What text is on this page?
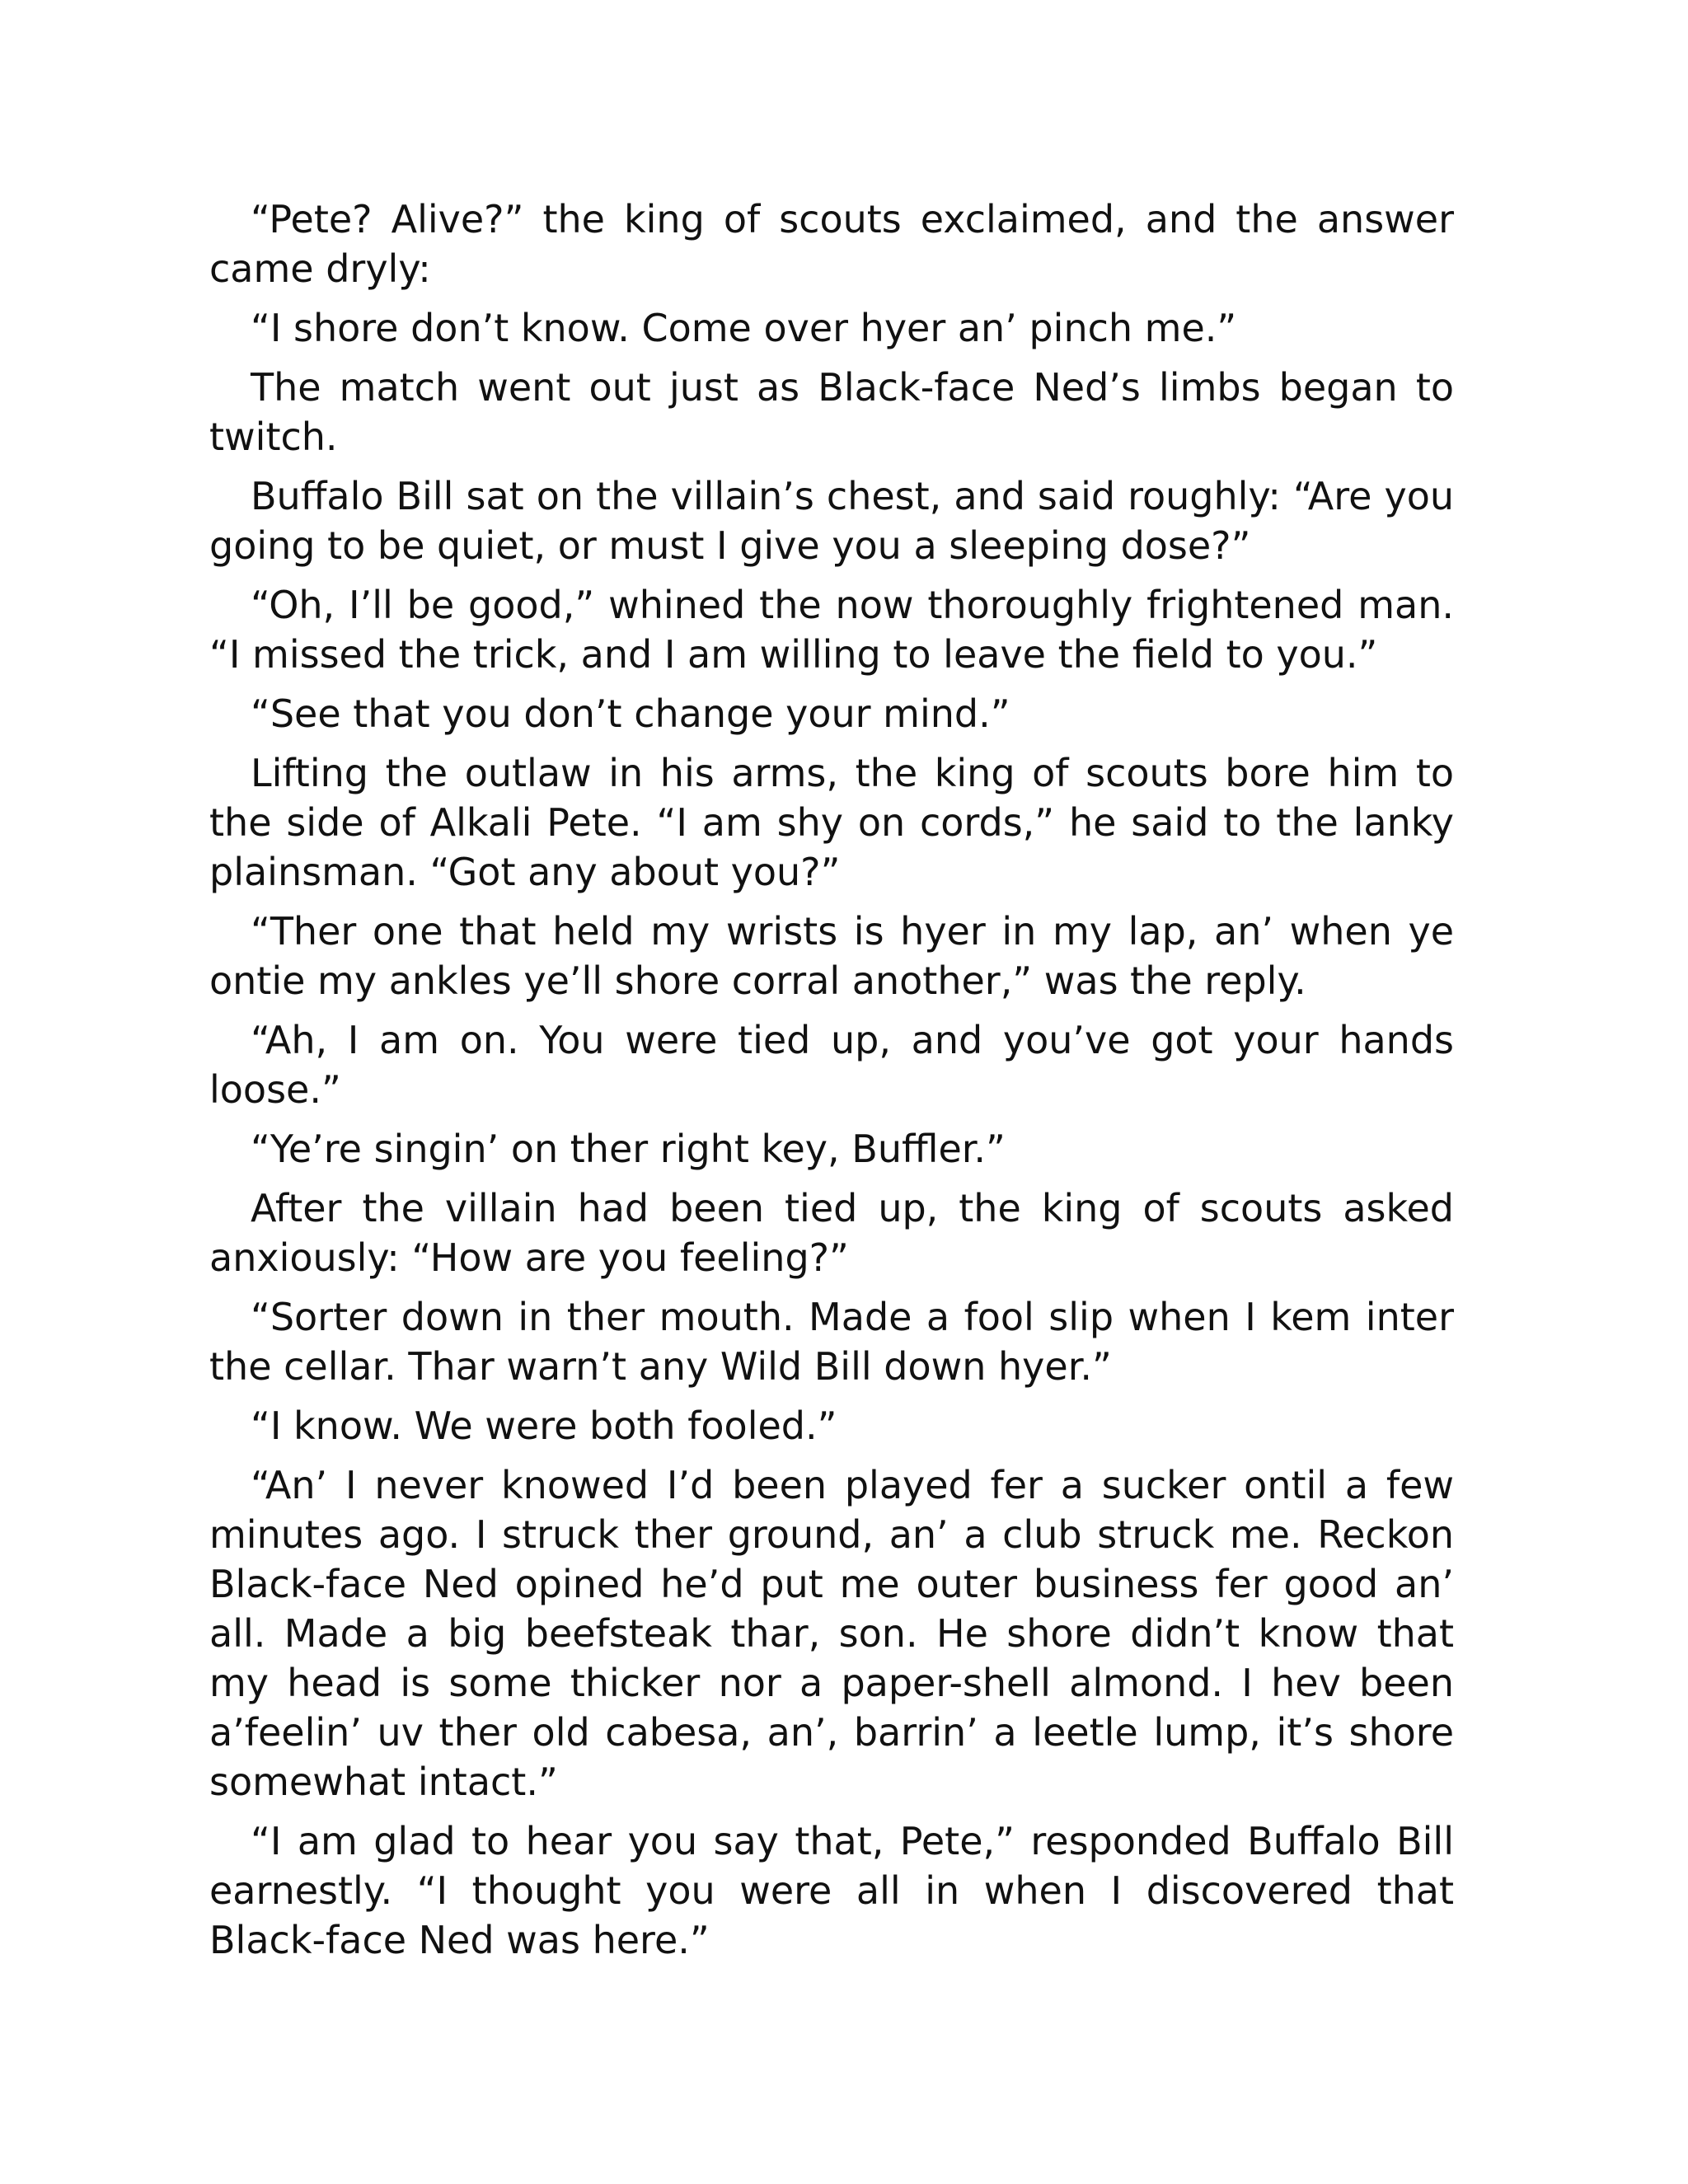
“Pete? Alive?” the king of scouts exclaimed, and the answer came dryly:

“I shore don’t know. Come over hyer an’ pinch me.”

The match went out just as Black-face Ned’s limbs began to twitch.

Buffalo Bill sat on the villain’s chest, and said roughly: “Are you going to be quiet, or must I give you a sleeping dose?”

“Oh, I’ll be good,” whined the now thoroughly frightened man. “I missed the trick, and I am willing to leave the field to you.”

“See that you don’t change your mind.”

Lifting the outlaw in his arms, the king of scouts bore him to the side of Alkali Pete. “I am shy on cords,” he said to the lanky plainsman. “Got any about you?”

“Ther one that held my wrists is hyer in my lap, an’ when ye ontie my ankles ye’ll shore corral another,” was the reply.

“Ah, I am on. You were tied up, and you’ve got your hands loose.”

“Ye’re singin’ on ther right key, Buffler.”

After the villain had been tied up, the king of scouts asked anxiously: “How are you feeling?”

“Sorter down in ther mouth. Made a fool slip when I kem inter the cellar. Thar warn’t any Wild Bill down hyer.”

“I know. We were both fooled.”

“An’ I never knowed I’d been played fer a sucker ontil a few minutes ago. I struck ther ground, an’ a club struck me. Reckon Black-face Ned opined he’d put me outer business fer good an’ all. Made a big beefsteak thar, son. He shore didn’t know that my head is some thicker nor a paper-shell almond. I hev been a’feelin’ uv ther old cabesa, an’, barrin’ a leetle lump, it’s shore somewhat intact.”

“I am glad to hear you say that, Pete,” responded Buffalo Bill earnestly. “I thought you were all in when I discovered that Black-face Ned was here.”
